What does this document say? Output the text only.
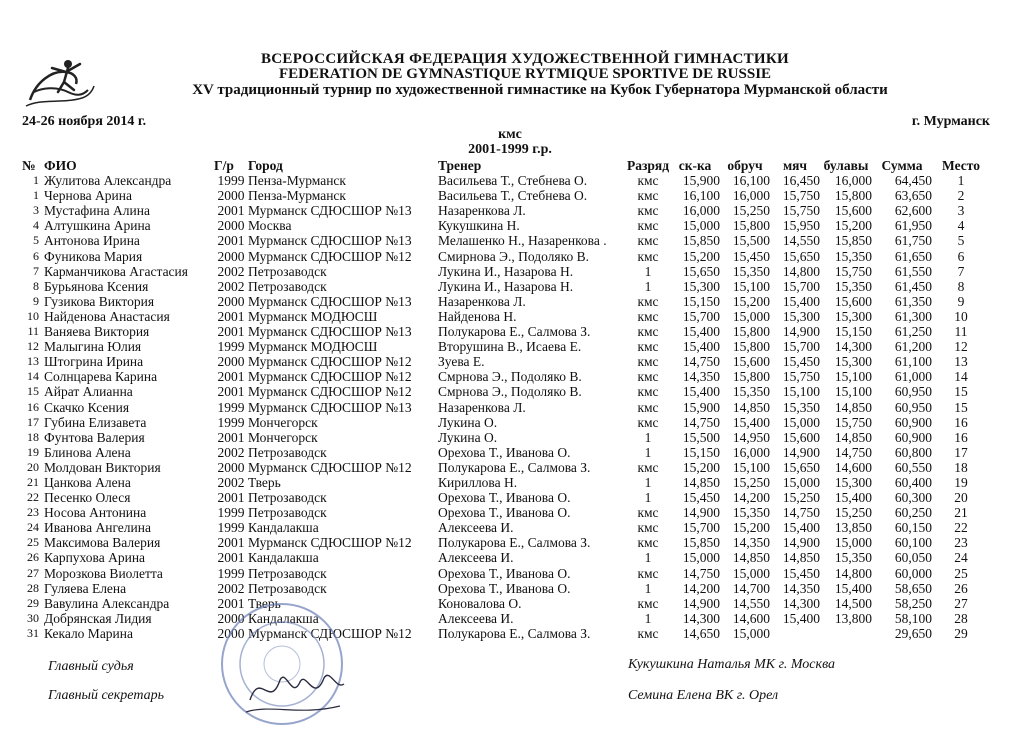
ВСЕРОССИЙСКАЯ ФЕДЕРАЦИЯ ХУДОЖЕСТВЕННОЙ ГИМНАСТИКИ
FEDERATION DE GYMNASTIQUE RYTMIQUE SPORTIVE DE RUSSIE
XV традиционный турнир по художественной гимнастике на Кубок Губернатора Мурманской области
24-26 ноября 2014 г.	г. Мурманск
кмс
2001-1999 г.р.
№	ФИО	Г/р	Город	Тренер	Разряд	ск-ка	обруч	мяч	булавы	Сумма	Место
1	Жулитова Александра	1999	Пенза-Мурманск	Васильева Т., Стебнева О.	кмс	15,900	16,100	16,450	16,000	64,450	1
1	Чернова Арина	2000	Пенза-Мурманск	Васильева Т., Стебнева О.	кмс	16,100	16,000	15,750	15,800	63,650	2
3	Мустафина Алина	2001	Мурманск СДЮСШОР №13	Назаренкова Л.	кмс	16,000	15,250	15,750	15,600	62,600	3
4	Алтушкина Арина	2000	Москва	Кукушкина Н.	кмс	15,000	15,800	15,950	15,200	61,950	4
5	Антонова Ирина	2001	Мурманск СДЮСШОР №13	Мелашенко Н., Назаренкова .	кмс	15,850	15,500	14,550	15,850	61,750	5
6	Фуникова Мария	2000	Мурманск СДЮСШОР №12	Смирнова Э., Подоляко В.	кмс	15,200	15,450	15,650	15,350	61,650	6
7	Карманчикова Агастасия	2002	Петрозаводск	Лукина И., Назарова Н.	1	15,650	15,350	14,800	15,750	61,550	7
8	Бурьянова Ксения	2002	Петрозаводск	Лукина И., Назарова Н.	1	15,300	15,100	15,700	15,350	61,450	8
9	Гузикова Виктория	2000	Мурманск СДЮСШОР №13	Назаренкова Л.	кмс	15,150	15,200	15,400	15,600	61,350	9
10	Найденова Анастасия	2001	Мурманск МОДЮСШ	Найденова Н.	кмс	15,700	15,000	15,300	15,300	61,300	10
11	Ваняева Виктория	2001	Мурманск СДЮСШОР №13	Полукарова Е., Салмова З.	кмс	15,400	15,800	14,900	15,150	61,250	11
12	Малыгина Юлия	1999	Мурманск МОДЮСШ	Вторушина В., Исаева Е.	кмс	15,400	15,800	15,700	14,300	61,200	12
13	Штогрина Ирина	2000	Мурманск СДЮСШОР №12	Зуева Е.	кмс	14,750	15,600	15,450	15,300	61,100	13
14	Солнцарева Карина	2001	Мурманск СДЮСШОР №12	Смрнова Э., Подоляко В.	кмс	14,350	15,800	15,750	15,100	61,000	14
15	Айрат Алианна	2001	Мурманск СДЮСШОР №12	Смрнова Э., Подоляко В.	кмс	15,400	15,350	15,100	15,100	60,950	15
16	Скачко Ксения	1999	Мурманск СДЮСШОР №13	Назаренкова Л.	кмс	15,900	14,850	15,350	14,850	60,950	15
17	Губина Елизавета	1999	Мончегорск	Лукина О.	кмс	14,750	15,400	15,000	15,750	60,900	16
18	Фунтова Валерия	2001	Мончегорск	Лукина О.	1	15,500	14,950	15,600	14,850	60,900	16
19	Блинова Алена	2002	Петрозаводск	Орехова Т., Иванова О.	1	15,150	16,000	14,900	14,750	60,800	17
20	Молдован Виктория	2000	Мурманск СДЮСШОР №12	Полукарова Е., Салмова З.	кмс	15,200	15,100	15,650	14,600	60,550	18
21	Цанкова Алена	2002	Тверь	Кириллова Н.	1	14,850	15,250	15,000	15,300	60,400	19
22	Песенко Олеся	2001	Петрозаводск	Орехова Т., Иванова О.	1	15,450	14,200	15,250	15,400	60,300	20
23	Носова Антонина	1999	Петрозаводск	Орехова Т., Иванова О.	кмс	14,900	15,350	14,750	15,250	60,250	21
24	Иванова Ангелина	1999	Кандалакша	Алексеева И.	кмс	15,700	15,200	15,400	13,850	60,150	22
25	Максимова Валерия	2001	Мурманск СДЮСШОР №12	Полукарова Е., Салмова З.	кмс	15,850	14,350	14,900	15,000	60,100	23
26	Карпухова Арина	2001	Кандалакша	Алексеева И.	1	15,000	14,850	14,850	15,350	60,050	24
27	Морозкова Виолетта	1999	Петрозаводск	Орехова Т., Иванова О.	кмс	14,750	15,000	15,450	14,800	60,000	25
28	Гуляева Елена	2002	Петрозаводск	Орехова Т., Иванова О.	1	14,200	14,700	14,350	15,400	58,650	26
29	Вавулина Александра	2001	Тверь	Коновалова О.	кмс	14,900	14,550	14,300	14,500	58,250	27
30	Добрянская Лидия	2000	Кандалакша	Алексеева И.	1	14,300	14,600	15,400	13,800	58,100	28
31	Кекало Марина	2000	Мурманск СДЮСШОР №12	Полукарова Е., Салмова З.	кмс	14,650	15,000			29,650	29
Главный судья	Кукушкина Наталья МК г. Москва
Главный секретарь	Семина Елена ВК г. Орел
